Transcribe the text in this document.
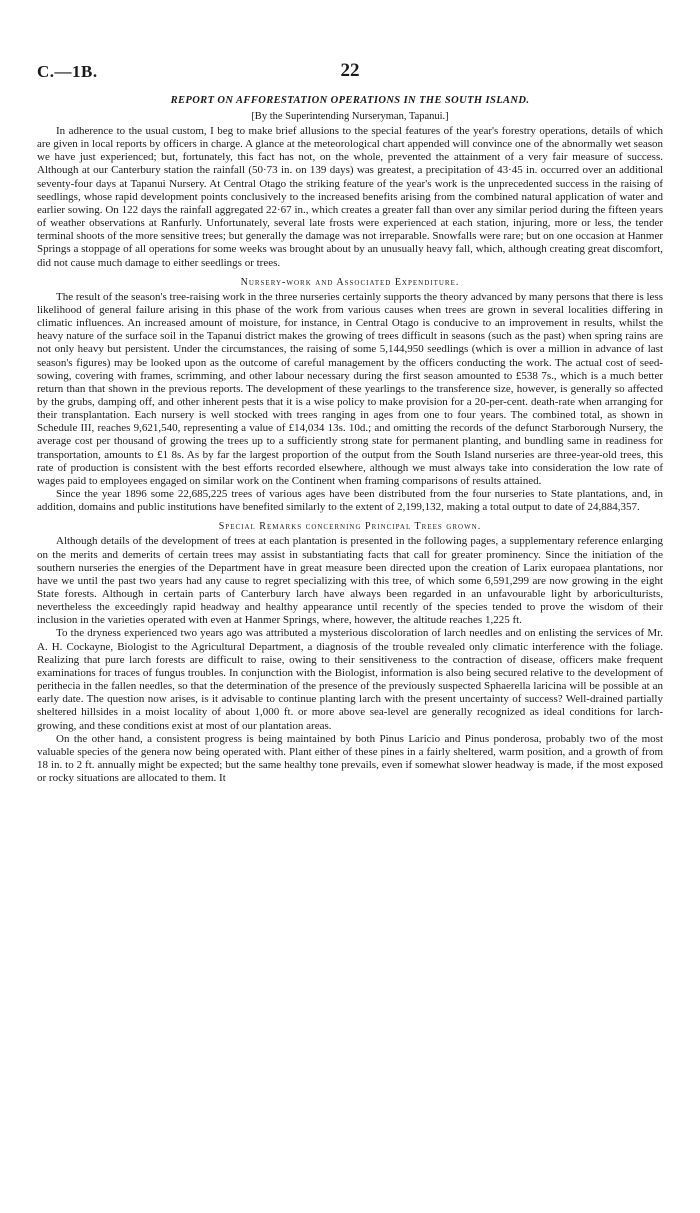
C.—1B.	22
REPORT ON AFFORESTATION OPERATIONS IN THE SOUTH ISLAND.
[By the Superintending Nurseryman, Tapanui.]

In adherence to the usual custom, I beg to make brief allusions to the special features of the year's forestry operations, details of which are given in local reports by officers in charge. A glance at the meteorological chart appended will convince one of the abnormally wet season we have just experienced; but, fortunately, this fact has not, on the whole, prevented the attainment of a very fair measure of success. Although at our Canterbury station the rainfall (50·73 in. on 139 days) was greatest, a precipitation of 43·45 in. occurred over an additional seventy-four days at Tapanui Nursery. At Central Otago the striking feature of the year's work is the unprecedented success in the raising of seedlings, whose rapid development points conclusively to the increased benefits arising from the combined natural application of water and earlier sowing. On 122 days the rainfall aggregated 22·67 in., which creates a greater fall than over any similar period during the fifteen years of weather observations at Ranfurly. Unfortunately, several late frosts were experienced at each station, injuring, more or less, the tender terminal shoots of the more sensitive trees; but generally the damage was not irreparable. Snowfalls were rare; but on one occasion at Hanmer Springs a stoppage of all operations for some weeks was brought about by an unusually heavy fall, which, although creating great discomfort, did not cause much damage to either seedlings or trees.

Nursery-work and Associated Expenditure.

The result of the season's tree-raising work in the three nurseries certainly supports the theory advanced by many persons that there is less likelihood of general failure arising in this phase of the work from various causes when trees are grown in several localities differing in climatic influences. An increased amount of moisture, for instance, in Central Otago is conducive to an improvement in results, whilst the heavy nature of the surface soil in the Tapanui district makes the growing of trees difficult in seasons (such as the past) when spring rains are not only heavy but persistent. Under the circumstances, the raising of some 5,144,950 seedlings (which is over a million in advance of last season's figures) may be looked upon as the outcome of careful management by the officers conducting the work. The actual cost of seed-sowing, covering with frames, scrimming, and other labour necessary during the first season amounted to £538 7s., which is a much better return than that shown in the previous reports. The development of these yearlings to the transference size, however, is generally so affected by the grubs, damping off, and other inherent pests that it is a wise policy to make provision for a 20-per-cent. death-rate when arranging for their transplantation. Each nursery is well stocked with trees ranging in ages from one to four years. The combined total, as shown in Schedule III, reaches 9,621,540, representing a value of £14,034 13s. 10d.; and omitting the records of the defunct Starborough Nursery, the average cost per thousand of growing the trees up to a sufficiently strong state for permanent planting, and bundling same in readiness for transportation, amounts to £1 8s. As by far the largest proportion of the output from the South Island nurseries are three-year-old trees, this rate of production is consistent with the best efforts recorded elsewhere, although we must always take into consideration the low rate of wages paid to employees engaged on similar work on the Continent when framing comparisons of results attained.

Since the year 1896 some 22,685,225 trees of various ages have been distributed from the four nurseries to State plantations, and, in addition, domains and public institutions have benefited similarly to the extent of 2,199,132, making a total output to date of 24,884,357.

Special Remarks concerning Principal Trees grown.

Although details of the development of trees at each plantation is presented in the following pages, a supplementary reference enlarging on the merits and demerits of certain trees may assist in substantiating facts that call for greater prominency. Since the initiation of the southern nurseries the energies of the Department have in great measure been directed upon the creation of Larix europaea plantations, nor have we until the past two years had any cause to regret specializing with this tree, of which some 6,591,299 are now growing in the eight State forests. Although in certain parts of Canterbury larch have always been regarded in an unfavourable light by arboriculturists, nevertheless the exceedingly rapid headway and healthy appearance until recently of the species tended to prove the wisdom of their inclusion in the varieties operated with even at Hanmer Springs, where, however, the altitude reaches 1,225 ft.

To the dryness experienced two years ago was attributed a mysterious discoloration of larch needles and on enlisting the services of Mr. A. H. Cockayne, Biologist to the Agricultural Department, a diagnosis of the trouble revealed only climatic interference with the foliage. Realizing that pure larch forests are difficult to raise, owing to their sensitiveness to the contraction of disease, officers make frequent examinations for traces of fungus troubles. In conjunction with the Biologist, information is also being secured relative to the development of perithecia in the fallen needles, so that the determination of the presence of the previously suspected Sphaerella laricina will be possible at an early date. The question now arises, is it advisable to continue planting larch with the present uncertainty of success? Well-drained partially sheltered hillsides in a moist locality of about 1,000 ft. or more above sea-level are generally recognized as ideal conditions for larch-growing, and these conditions exist at most of our plantation areas.

On the other hand, a consistent progress is being maintained by both Pinus Laricio and Pinus ponderosa, probably two of the most valuable species of the genera now being operated with. Plant either of these pines in a fairly sheltered, warm position, and a growth of from 18 in. to 2 ft. annually might be expected; but the same healthy tone prevails, even if somewhat slower headway is made, if the most exposed or rocky situations are allocated to them. It
